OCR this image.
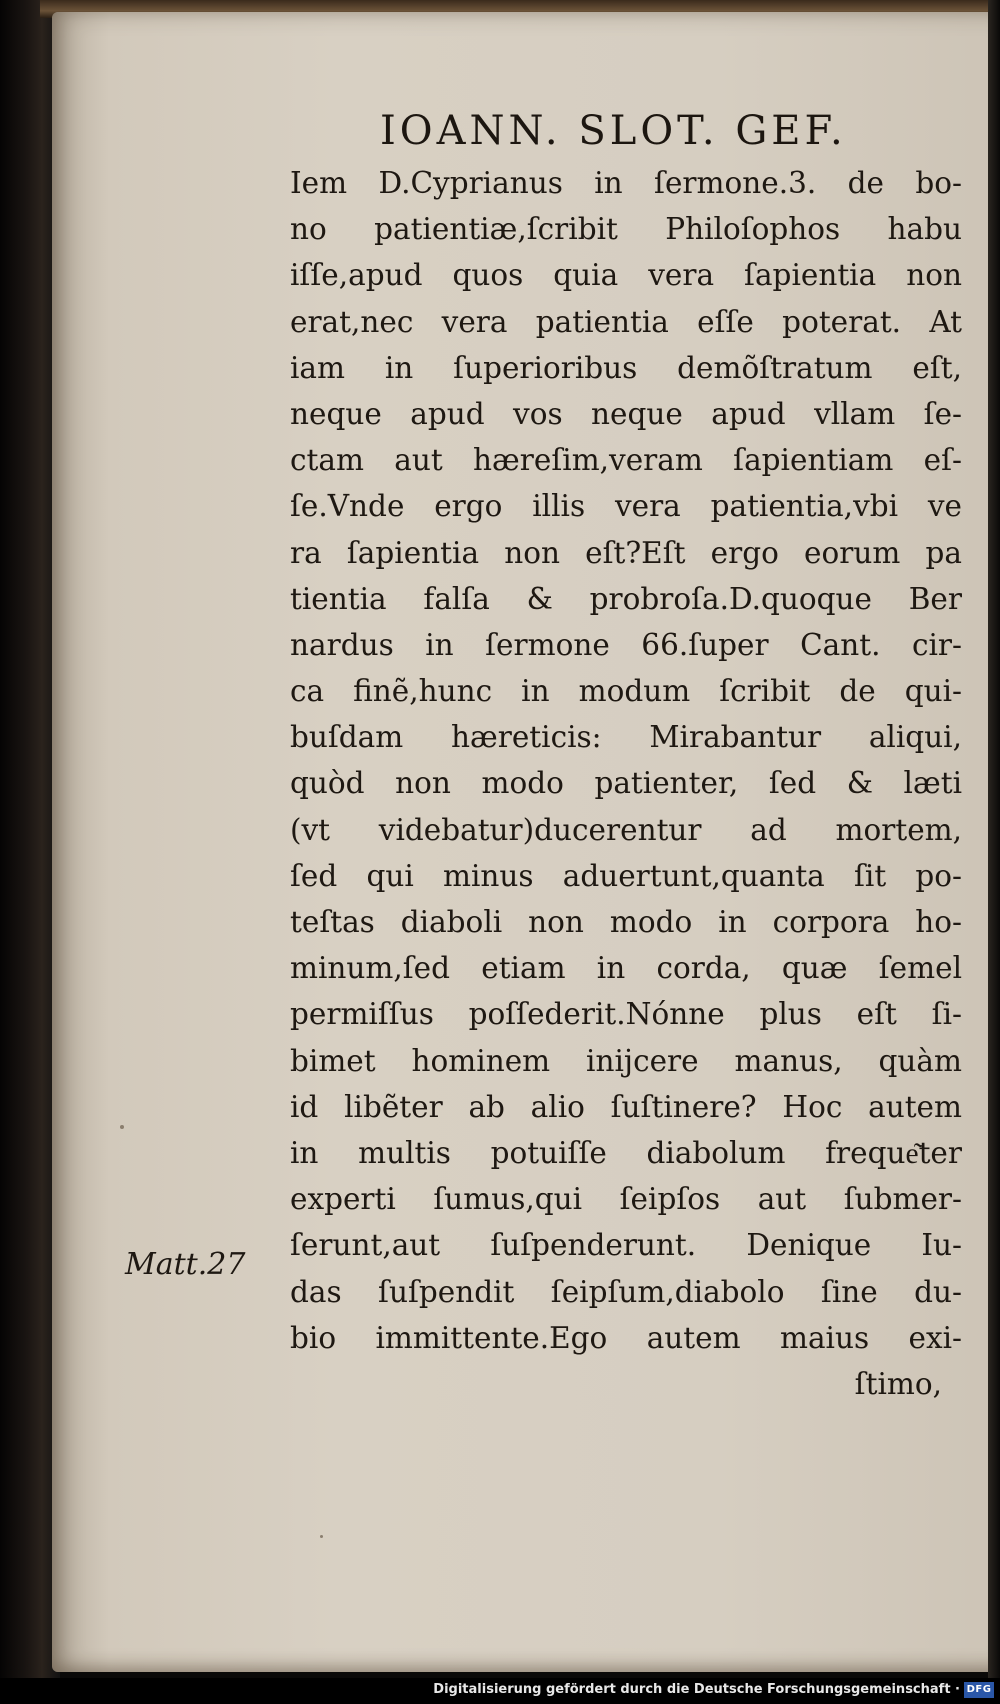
IOANN. SLOT. GEF.
Iem D.Cyprianus in ſermone.3. de bo-
no patientiæ,ſcribit Philoſophos habu
iſſe,apud quos quia vera ſapientia non
erat,nec vera patientia eſſe poterat. At
iam in ſuperioribus demõſtratum eſt,
neque apud vos neque apud vllam ſe-
ctam aut hæreſim,veram ſapientiam eſ-
ſe.Vnde ergo illis vera patientia,vbi ve
ra ſapientia non eſt?Eſt ergo eorum pa
tientia falſa & probroſa.D.quoque Ber
nardus in ſermone 66.ſuper Cant. cir-
ca finẽ,hunc in modum ſcribit de qui-
buſdam hæreticis: Mirabantur aliqui,
quòd non modo patienter, ſed & læti
(vt videbatur)ducerentur ad mortem,
ſed qui minus aduertunt,quanta ſit po-
teſtas diaboli non modo in corpora ho-
minum,ſed etiam in corda, quæ ſemel
permiſſus poſſederit.Nónne plus eſt ſi-
bimet hominem inijcere manus, quàm
id libẽter ab alio ſuſtinere? Hoc autem
in multis potuiſſe diabolum freque͂ter
experti ſumus,qui ſeipſos aut ſubmer-
ſerunt,aut ſuſpenderunt. Denique Iu-
das ſuſpendit ſeipſum,diabolo ſine du-
bio immittente.Ego autem maius exi-
ſtimo,
Matt.27
Digitalisierung gefördert durch die Deutsche Forschungsgemeinschaft · DFG
